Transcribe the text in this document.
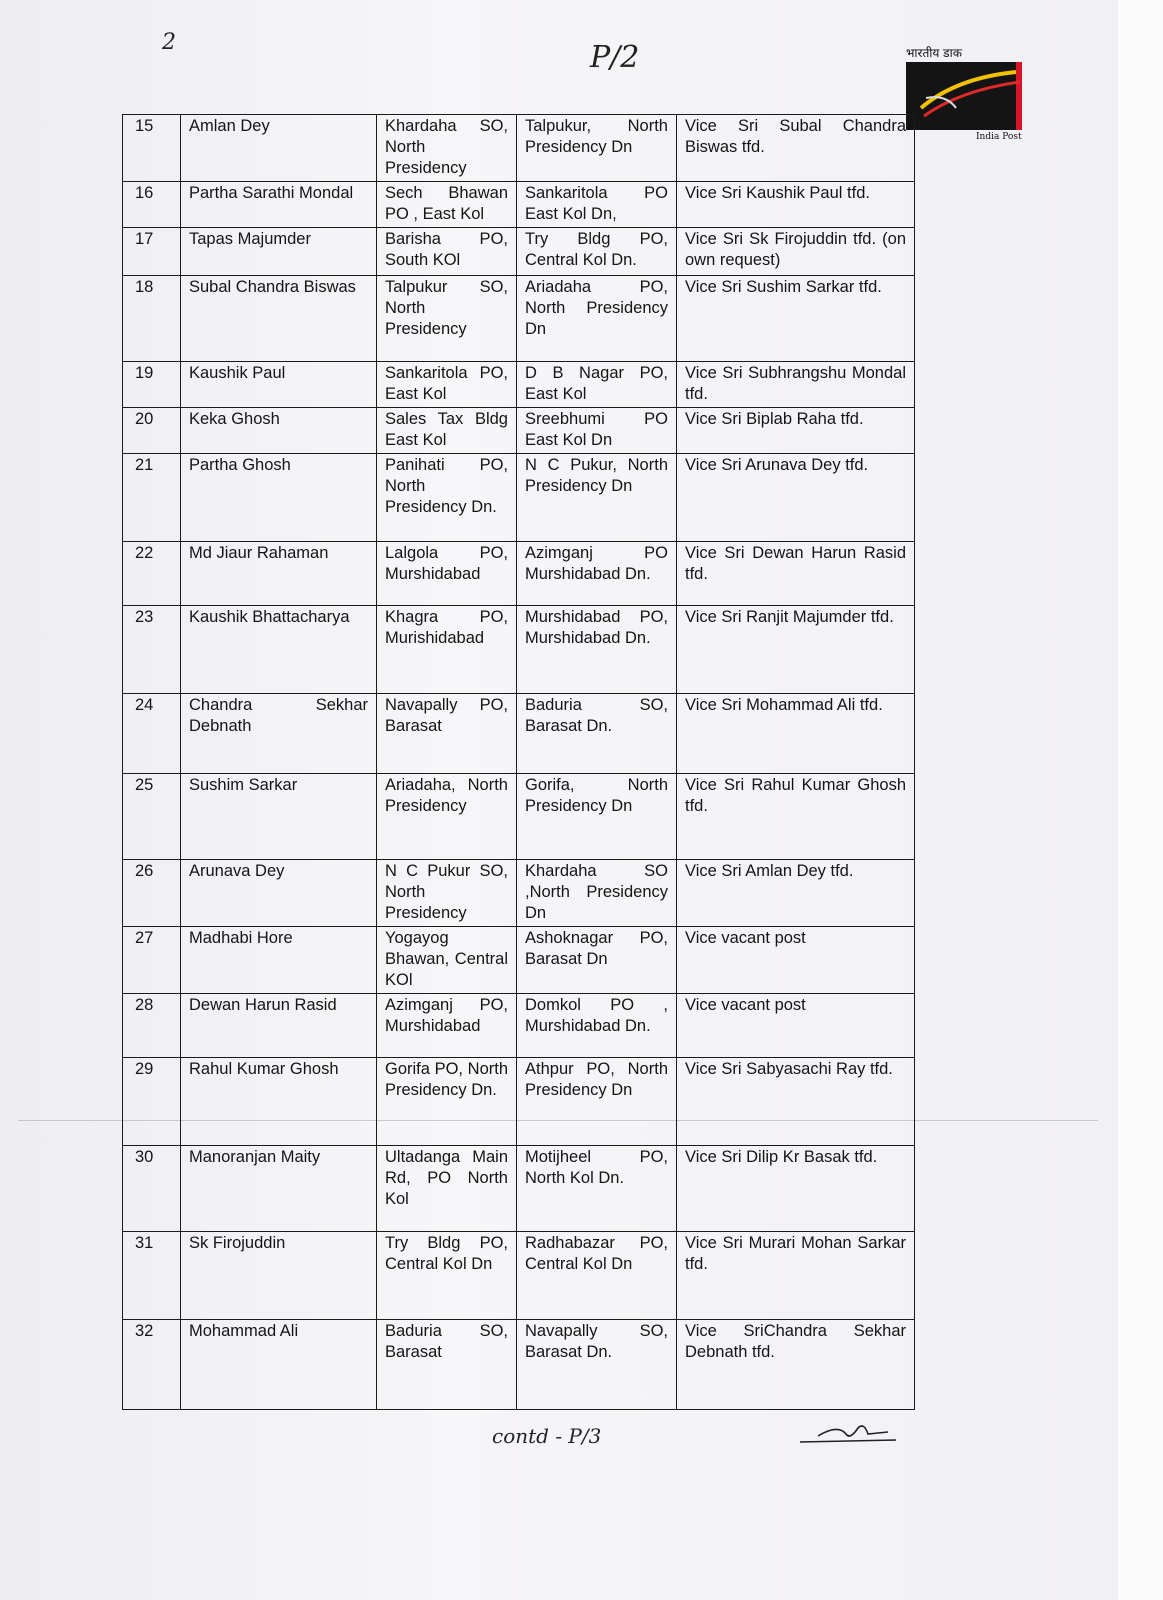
2	P/2	भारतीय डाक
India Post
15	Amlan Dey	Khardaha SO, North Presidency	Talpukur, North Presidency Dn	Vice Sri Subal Chandra Biswas tfd.
16	Partha Sarathi Mondal	Sech Bhawan PO , East Kol	Sankaritola PO East Kol Dn,	Vice Sri Kaushik Paul tfd.
17	Tapas Majumder	Barisha PO, South KOl	Try Bldg PO, Central Kol Dn.	Vice Sri Sk Firojuddin tfd. (on own request)
18	Subal Chandra Biswas	Talpukur SO, North Presidency	Ariadaha PO, North Presidency Dn	Vice Sri Sushim Sarkar tfd.
19	Kaushik Paul	Sankaritola PO, East Kol	D B Nagar PO, East Kol	Vice Sri Subhrangshu Mondal tfd.
20	Keka Ghosh	Sales Tax Bldg East Kol	Sreebhumi PO East Kol Dn	Vice Sri Biplab Raha tfd.
21	Partha Ghosh	Panihati PO, North Presidency Dn.	N C Pukur, North Presidency Dn	Vice Sri Arunava Dey tfd.
22	Md Jiaur Rahaman	Lalgola PO, Murshidabad	Azimganj PO Murshidabad Dn.	Vice Sri Dewan Harun Rasid tfd.
23	Kaushik Bhattacharya	Khagra PO, Murishidabad	Murshidabad PO, Murshidabad Dn.	Vice Sri Ranjit Majumder tfd.
24	Chandra Sekhar Debnath	Navapally PO, Barasat	Baduria SO, Barasat Dn.	Vice Sri Mohammad Ali tfd.
25	Sushim Sarkar	Ariadaha, North Presidency	Gorifa, North Presidency Dn	Vice Sri Rahul Kumar Ghosh tfd.
26	Arunava Dey	N C Pukur SO, North Presidency	Khardaha SO ,North Presidency Dn	Vice Sri Amlan Dey tfd.
27	Madhabi Hore	Yogayog Bhawan, Central KOl	Ashoknagar PO, Barasat Dn	Vice vacant post
28	Dewan Harun Rasid	Azimganj PO, Murshidabad	Domkol PO , Murshidabad Dn.	Vice vacant post
29	Rahul Kumar Ghosh	Gorifa PO, North Presidency Dn.	Athpur PO, North Presidency Dn	Vice Sri Sabyasachi Ray tfd.
30	Manoranjan Maity	Ultadanga Main Rd, PO North Kol	Motijheel PO, North Kol Dn.	Vice Sri Dilip Kr Basak tfd.
31	Sk Firojuddin	Try Bldg PO, Central Kol Dn	Radhabazar PO, Central Kol Dn	Vice Sri Murari Mohan Sarkar tfd.
32	Mohammad Ali	Baduria SO, Barasat	Navapally SO, Barasat Dn.	Vice SriChandra Sekhar Debnath tfd.
contd - P/3
